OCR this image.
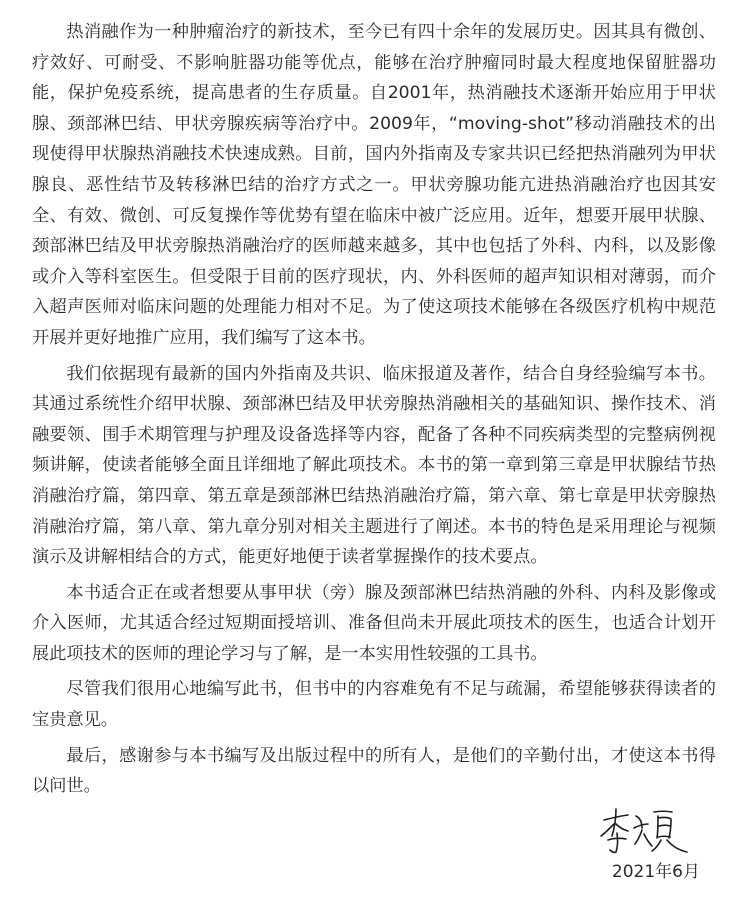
热消融作为一种肿瘤治疗的新技术，至今已有四十余年的发展历史。因其具有微创、疗效好、可耐受、不影响脏器功能等优点，能够在治疗肿瘤同时最大程度地保留脏器功能，保护免疫系统，提高患者的生存质量。自2001年，热消融技术逐渐开始应用于甲状腺、颈部淋巴结、甲状旁腺疾病等治疗中。2009年，“moving-shot”移动消融技术的出现使得甲状腺热消融技术快速成熟。目前，国内外指南及专家共识已经把热消融列为甲状腺良、恶性结节及转移淋巴结的治疗方式之一。甲状旁腺功能亢进热消融治疗也因其安全、有效、微创、可反复操作等优势有望在临床中被广泛应用。近年，想要开展甲状腺、颈部淋巴结及甲状旁腺热消融治疗的医师越来越多，其中也包括了外科、内科，以及影像或介入等科室医生。但受限于目前的医疗现状，内、外科医师的超声知识相对薄弱，而介入超声医师对临床问题的处理能力相对不足。为了使这项技术能够在各级医疗机构中规范开展并更好地推广应用，我们编写了这本书。

我们依据现有最新的国内外指南及共识、临床报道及著作，结合自身经验编写本书。其通过系统性介绍甲状腺、颈部淋巴结及甲状旁腺热消融相关的基础知识、操作技术、消融要领、围手术期管理与护理及设备选择等内容，配备了各种不同疾病类型的完整病例视频讲解，使读者能够全面且详细地了解此项技术。本书的第一章到第三章是甲状腺结节热消融治疗篇，第四章、第五章是颈部淋巴结热消融治疗篇，第六章、第七章是甲状旁腺热消融治疗篇，第八章、第九章分别对相关主题进行了阐述。本书的特色是采用理论与视频演示及讲解相结合的方式，能更好地便于读者掌握操作的技术要点。

本书适合正在或者想要从事甲状（旁）腺及颈部淋巴结热消融的外科、内科及影像或介入医师，尤其适合经过短期面授培训、准备但尚未开展此项技术的医生，也适合计划开展此项技术的医师的理论学习与了解，是一本实用性较强的工具书。

尽管我们很用心地编写此书，但书中的内容难免有不足与疏漏，希望能够获得读者的宝贵意见。

最后，感谢参与本书编写及出版过程中的所有人，是他们的辛勤付出，才使这本书得以问世。

2021年6月
